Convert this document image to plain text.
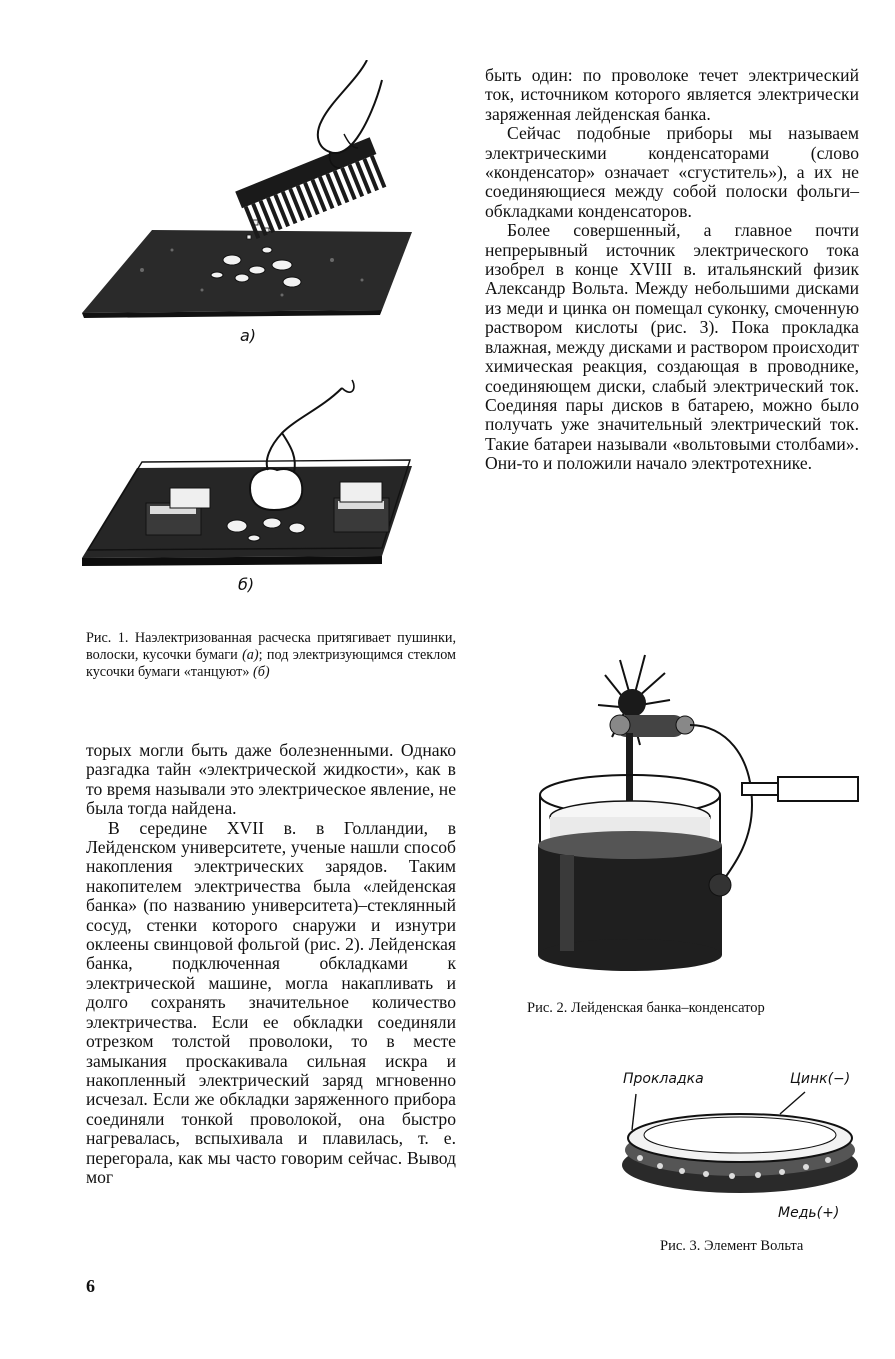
а)
б)
Рис. 1. Наэлектризованная расческа притягивает пушинки, волоски, кусочки бумаги (а); под электризующимся стеклом кусочки бумаги «танцуют» (б)

быть один: по проволоке течет электрический ток, источником которого является электрически заряженная лейденская банка.

Сейчас подобные приборы мы называем электрическими конденсаторами (слово «конденсатор» означает «сгуститель»), а их не соединяющиеся между собой полоски фольги–обкладками конденсаторов.

Более совершенный, а главное почти непрерывный источник электрического тока изобрел в конце XVIII в. итальянский физик Александр Вольта. Между небольшими дисками из меди и цинка он помещал суконку, смоченную раствором кислоты (рис. 3). Пока прокладка влажная, между дисками и раствором происходит химическая реакция, создающая в проводнике, соединяющем диски, слабый электрический ток. Соединяя пары дисков в батарею, можно было получать уже значительный электрический ток. Такие батареи называли «вольтовыми столбами». Они-то и положили начало электротехнике.

торых могли быть даже болезненными. Однако разгадка тайн «электрической жидкости», как в то время называли это электрическое явление, не была тогда найдена.

В середине XVII в. в Голландии, в Лейденском университете, ученые нашли способ накопления электрических зарядов. Таким накопителем электричества была «лейденская банка» (по названию университета)–стеклянный сосуд, стенки которого снаружи и изнутри оклеены свинцовой фольгой (рис. 2). Лейденская банка, подключенная обкладками к электрической машине, могла накапливать и долго сохранять значительное количество электричества. Если ее обкладки соединяли отрезком толстой проволоки, то в месте замыкания проскакивала сильная искра и накопленный электрический заряд мгновенно исчезал. Если же обкладки заряженного прибора соединяли тонкой проволокой, она быстро нагревалась, вспыхивала и плавилась, т. е. перегорала, как мы часто говорим сейчас. Вывод мог

Рис. 2. Лейденская банка–конденсатор
Прокладка	Цинк(−)
Медь(+)
Рис. 3. Элемент Вольта
6
